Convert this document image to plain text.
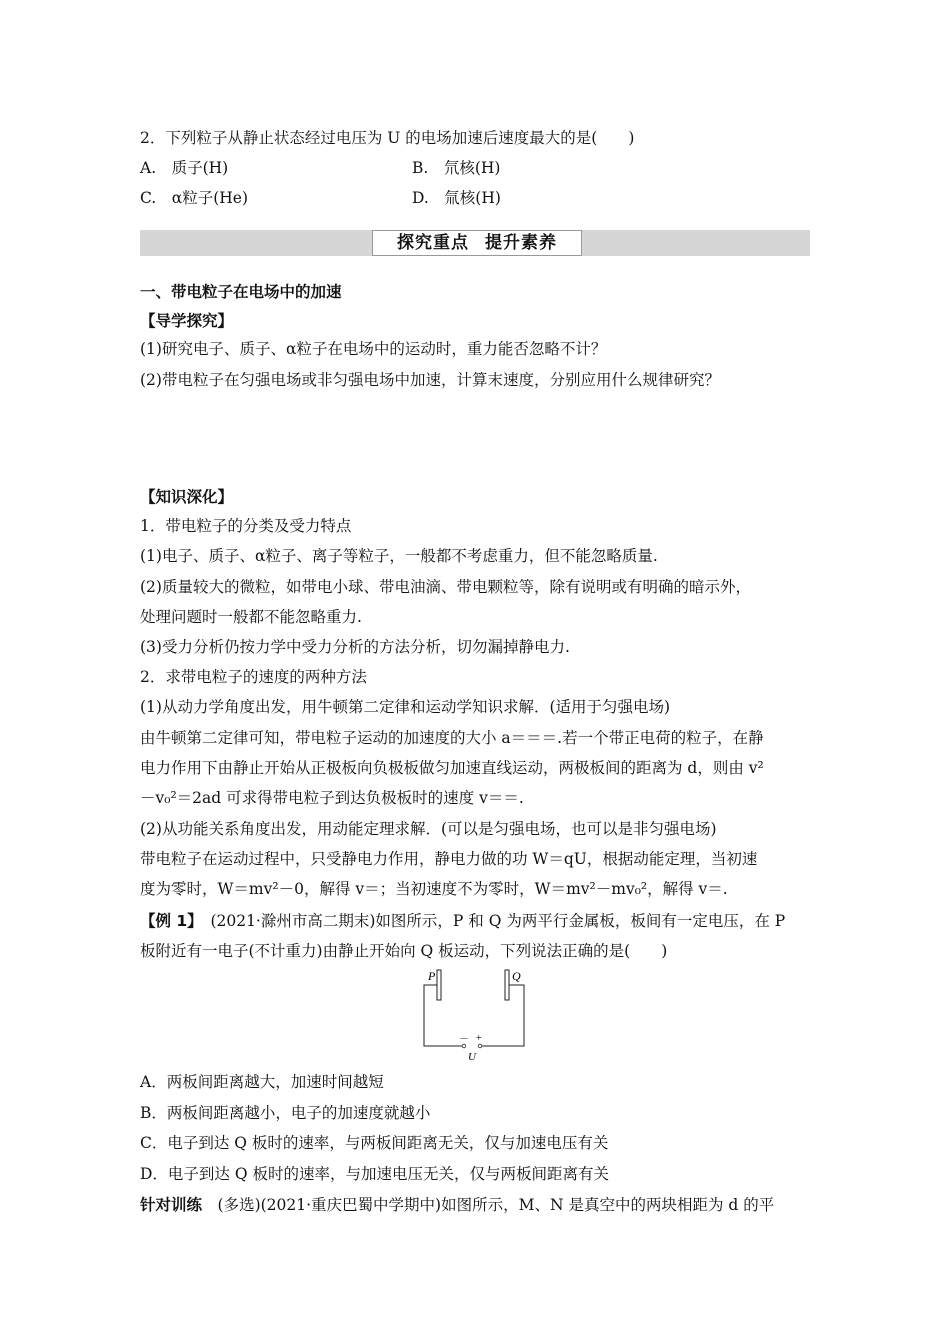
2．下列粒子从静止状态经过电压为 U 的电场加速后速度最大的是(　　)
A.　质子(H)	B.　氘核(H)
C.　α粒子(He)	D.　氚核(H)
探究重点 提升素养
一、带电粒子在电场中的加速
【导学探究】
(1)研究电子、质子、α粒子在电场中的运动时，重力能否忽略不计？
(2)带电粒子在匀强电场或非匀强电场中加速，计算末速度，分别应用什么规律研究？
【知识深化】
1．带电粒子的分类及受力特点
(1)电子、质子、α粒子、离子等粒子，一般都不考虑重力，但不能忽略质量.
(2)质量较大的微粒，如带电小球、带电油滴、带电颗粒等，除有说明或有明确的暗示外，
处理问题时一般都不能忽略重力.
(3)受力分析仍按力学中受力分析的方法分析，切勿漏掉静电力.
2．求带电粒子的速度的两种方法
(1)从动力学角度出发，用牛顿第二定律和运动学知识求解．(适用于匀强电场)
由牛顿第二定律可知，带电粒子运动的加速度的大小 a＝＝＝.若一个带正电荷的粒子，在静
电力作用下由静止开始从正极板向负极板做匀加速直线运动，两极板间的距离为 d，则由 v²
－v₀²＝2ad 可求得带电粒子到达负极板时的速度 v＝＝.
(2)从功能关系角度出发，用动能定理求解．(可以是匀强电场，也可以是非匀强电场)
带电粒子在运动过程中，只受静电力作用，静电力做的功 W＝qU，根据动能定理，当初速
度为零时，W＝mv²－0，解得 v＝；当初速度不为零时，W＝mv²－mv₀²，解得 v＝.
【例 1】　(2021·滁州市高二期末)如图所示，P 和 Q 为两平行金属板，板间有一定电压，在 P
板附近有一电子(不计重力)由静止开始向 Q 板运动，下列说法正确的是(　　)
P	Q
－ +
U
A．两板间距离越大，加速时间越短
B．两板间距离越小，电子的加速度就越小
C．电子到达 Q 板时的速率，与两板间距离无关，仅与加速电压有关
D．电子到达 Q 板时的速率，与加速电压无关，仅与两板间距离有关
针对训练　(多选)(2021·重庆巴蜀中学期中)如图所示，M、N 是真空中的两块相距为 d 的平
